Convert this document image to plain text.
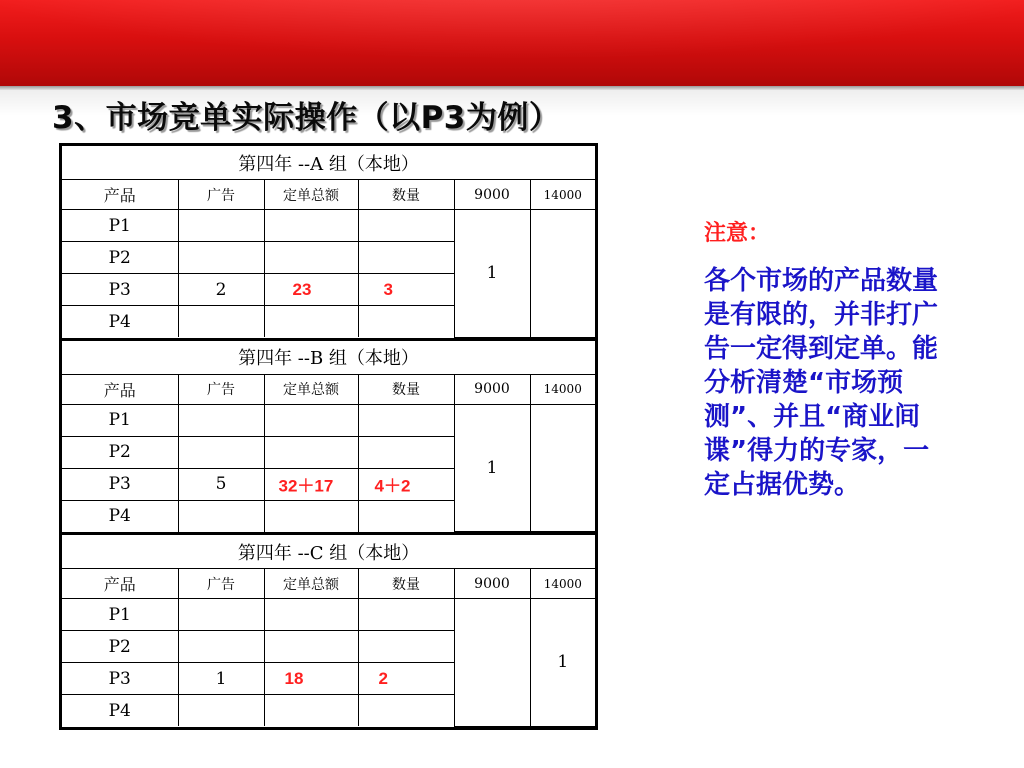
3、市场竞单实际操作（以P3为例）
第四年 --A 组（本地）					
产品	广告	定单总额	数量	9000	14000
P1				1	
P2					
P3	2	23	3		

P4					
第四年 --B 组（本地）					
产品	广告	定单总额	数量	9000	14000
P1				1	
P2					
P3	5	32＋17	4＋2		

P4					
第四年 --C 组（本地）					
产品	广告	定单总额	数量	9000	14000
P1					1
P2					
P3	1	18	2		

P4					

注意：

各个市场的产品数量是有限的，并非打广告一定得到定单。能分析清楚“市场预测”、并且“商业间谍”得力的专家，一定占据优势。
